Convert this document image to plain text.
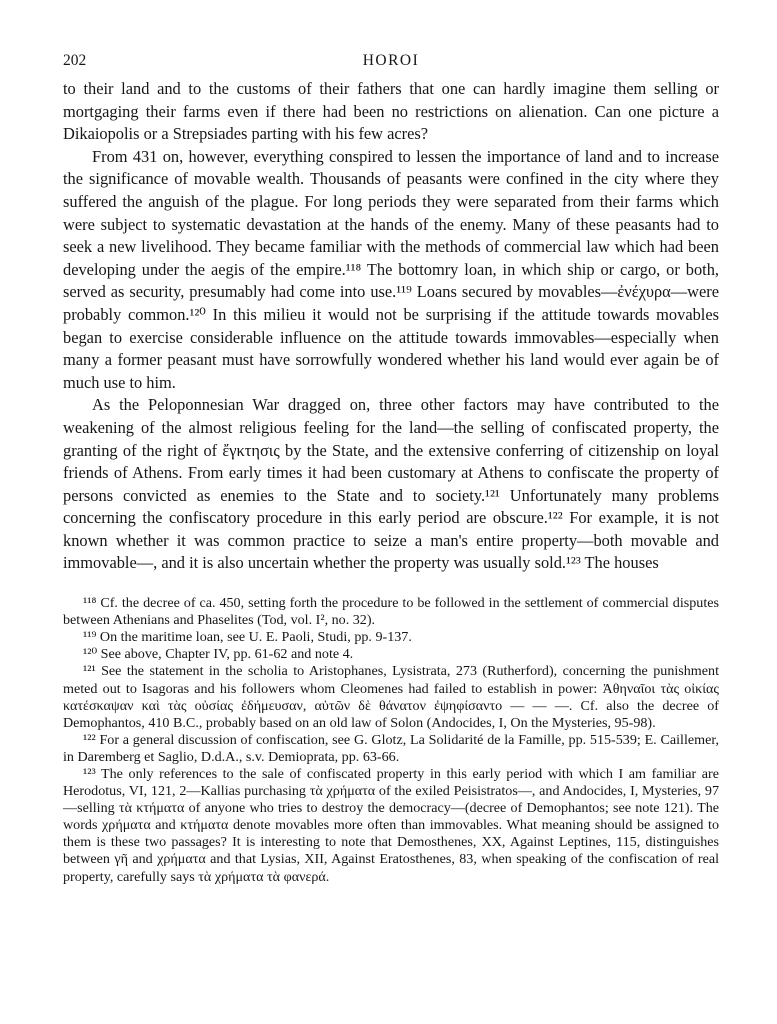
202	HOROI

to their land and to the customs of their fathers that one can hardly imagine them selling or mortgaging their farms even if there had been no restrictions on alienation. Can one picture a Dikaiopolis or a Strepsiades parting with his few acres?

From 431 on, however, everything conspired to lessen the importance of land and to increase the significance of movable wealth. Thousands of peasants were confined in the city where they suffered the anguish of the plague. For long periods they were separated from their farms which were subject to systematic devastation at the hands of the enemy. Many of these peasants had to seek a new livelihood. They became familiar with the methods of commercial law which had been developing under the aegis of the empire.¹¹⁸ The bottomry loan, in which ship or cargo, or both, served as security, presumably had come into use.¹¹⁹ Loans secured by movables—ἐνέχυρα—were probably common.¹²⁰ In this milieu it would not be surprising if the attitude towards movables began to exercise considerable influence on the attitude towards immovables—especially when many a former peasant must have sorrowfully wondered whether his land would ever again be of much use to him.

As the Peloponnesian War dragged on, three other factors may have contributed to the weakening of the almost religious feeling for the land—the selling of confiscated property, the granting of the right of ἔγκτησις by the State, and the extensive conferring of citizenship on loyal friends of Athens. From early times it had been customary at Athens to confiscate the property of persons convicted as enemies to the State and to society.¹²¹ Unfortunately many problems concerning the confiscatory procedure in this early period are obscure.¹²² For example, it is not known whether it was common practice to seize a man's entire property—both movable and immovable—, and it is also uncertain whether the property was usually sold.¹²³ The houses

¹¹⁸ Cf. the decree of ca. 450, setting forth the procedure to be followed in the settlement of commercial disputes between Athenians and Phaselites (Tod, vol. I², no. 32).

¹¹⁹ On the maritime loan, see U. E. Paoli, Studi, pp. 9-137.

¹²⁰ See above, Chapter IV, pp. 61-62 and note 4.

¹²¹ See the statement in the scholia to Aristophanes, Lysistrata, 273 (Rutherford), concerning the punishment meted out to Isagoras and his followers whom Cleomenes had failed to establish in power: Ἀθηναῖοι τὰς οἰκίας κατέσκαψαν καὶ τὰς οὐσίας ἐδήμευσαν, αὐτῶν δὲ θάνατον ἐψηφίσαντο — — —. Cf. also the decree of Demophantos, 410 B.C., probably based on an old law of Solon (Andocides, I, On the Mysteries, 95-98).

¹²² For a general discussion of confiscation, see G. Glotz, La Solidarité de la Famille, pp. 515-539; E. Caillemer, in Daremberg et Saglio, D.d.A., s.v. Demioprata, pp. 63-66.

¹²³ The only references to the sale of confiscated property in this early period with which I am familiar are Herodotus, VI, 121, 2—Kallias purchasing τὰ χρήματα of the exiled Peisistratos—, and Andocides, I, Mysteries, 97—selling τὰ κτήματα of anyone who tries to destroy the democracy—(decree of Demophantos; see note 121). The words χρήματα and κτήματα denote movables more often than immovables. What meaning should be assigned to them is these two passages? It is interesting to note that Demosthenes, XX, Against Leptines, 115, distinguishes between γῆ and χρήματα and that Lysias, XII, Against Eratosthenes, 83, when speaking of the confiscation of real property, carefully says τὰ χρήματα τὰ φανερά.
